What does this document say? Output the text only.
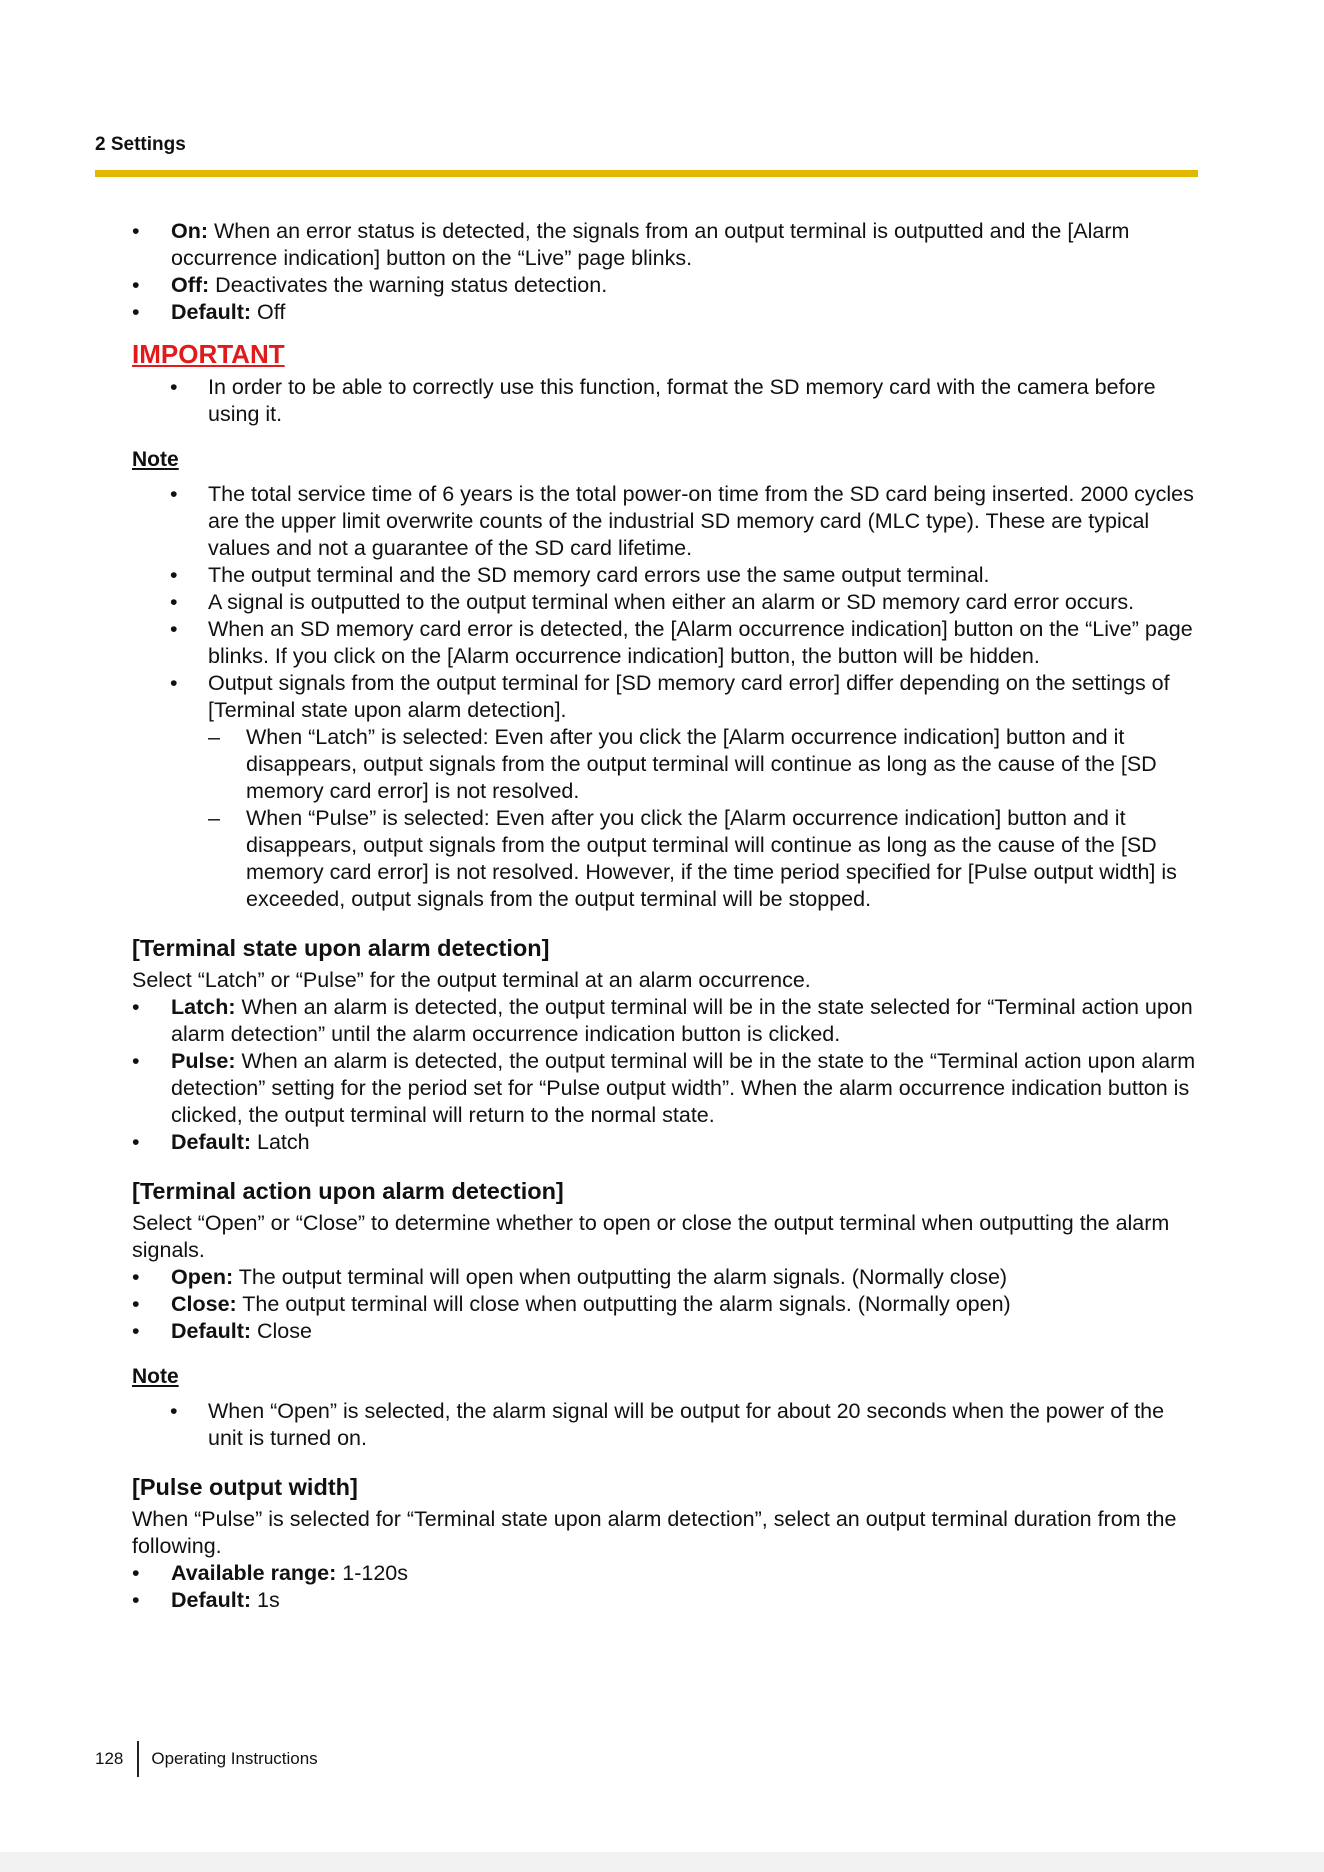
2 Settings
• On: When an error status is detected, the signals from an output terminal is outputted and the [Alarm occurrence indication] button on the “Live” page blinks.
• Off: Deactivates the warning status detection.
• Default: Off
IMPORTANT
• In order to be able to correctly use this function, format the SD memory card with the camera before using it.
Note
• The total service time of 6 years is the total power-on time from the SD card being inserted. 2000 cycles are the upper limit overwrite counts of the industrial SD memory card (MLC type). These are typical values and not a guarantee of the SD card lifetime.
• The output terminal and the SD memory card errors use the same output terminal.
• A signal is outputted to the output terminal when either an alarm or SD memory card error occurs.
• When an SD memory card error is detected, the [Alarm occurrence indication] button on the “Live” page blinks. If you click on the [Alarm occurrence indication] button, the button will be hidden.
• Output signals from the output terminal for [SD memory card error] differ depending on the settings of [Terminal state upon alarm detection].
– When “Latch” is selected: Even after you click the [Alarm occurrence indication] button and it disappears, output signals from the output terminal will continue as long as the cause of the [SD memory card error] is not resolved.
– When “Pulse” is selected: Even after you click the [Alarm occurrence indication] button and it disappears, output signals from the output terminal will continue as long as the cause of the [SD memory card error] is not resolved. However, if the time period specified for [Pulse output width] is exceeded, output signals from the output terminal will be stopped.
[Terminal state upon alarm detection]

Select “Latch” or “Pulse” for the output terminal at an alarm occurrence.

• Latch: When an alarm is detected, the output terminal will be in the state selected for “Terminal action upon alarm detection” until the alarm occurrence indication button is clicked.
• Pulse: When an alarm is detected, the output terminal will be in the state to the “Terminal action upon alarm detection” setting for the period set for “Pulse output width”. When the alarm occurrence indication button is clicked, the output terminal will return to the normal state.
• Default: Latch
[Terminal action upon alarm detection]

Select “Open” or “Close” to determine whether to open or close the output terminal when outputting the alarm signals.

• Open: The output terminal will open when outputting the alarm signals. (Normally close)
• Close: The output terminal will close when outputting the alarm signals. (Normally open)
• Default: Close
Note
• When “Open” is selected, the alarm signal will be output for about 20 seconds when the power of the unit is turned on.
[Pulse output width]

When “Pulse” is selected for “Terminal state upon alarm detection”, select an output terminal duration from the following.

• Available range: 1-120s
• Default: 1s
128 Operating Instructions
